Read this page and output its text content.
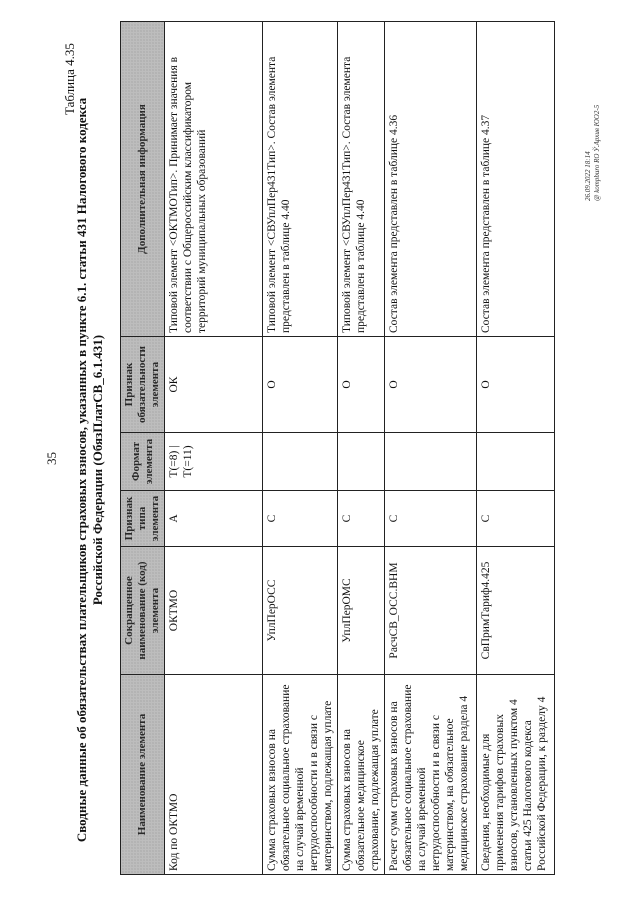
35
Таблица 4.35
Сводные данные об обязательствах плательщиков страховых взносов, указанных в пункте 6.1. статьи 431 Налогового кодекса Российской Федерации (ОбязПлатСВ_6.1.431)
Наименование элемента	Сокращенное наименование (код) элемента	Признак типа элемента	Формат элемента	Признак обязательности элемента	Дополнительная информация
Код по ОКТМО	ОКТМО	А	T(=8) | T(=11)	ОК	Типовой элемент <ОКТМОТип>. Принимает значения в соответствии с Общероссийским классификатором территорий муниципальных образований
Сумма страховых взносов на обязательное социальное страхование на случай временной нетрудоспособности и в связи с материнством, подлежащая уплате	УплПерОСС	С		О	Типовой элемент <СВУплПер431Тип>. Состав элемента представлен в таблице 4.40
Сумма страховых взносов на обязательное медицинское страхование, подлежащая уплате	УплПерОМС	С		О	Типовой элемент <СВУплПер431Тип>. Состав элемента представлен в таблице 4.40
Расчет сумм страховых взносов на обязательное социальное страхование на случай временной нетрудоспособности и в связи с материнством, на обязательное медицинское страхование раздела 4	РасчСВ_ОСС.ВНМ	С		О	Состав элемента представлен в таблице 4.36
Сведения, необходимые для применения тарифов страховых взносов, установленных пунктом 4 статьи 425 Налогового кодекса Российской Федерации, к разделу 4	СвПримТариф4.425	С		О	Состав элемента представлен в таблице 4.37	26.09.2022 18:14 @ kompburo RO Ў.Архив ЮО2-5
